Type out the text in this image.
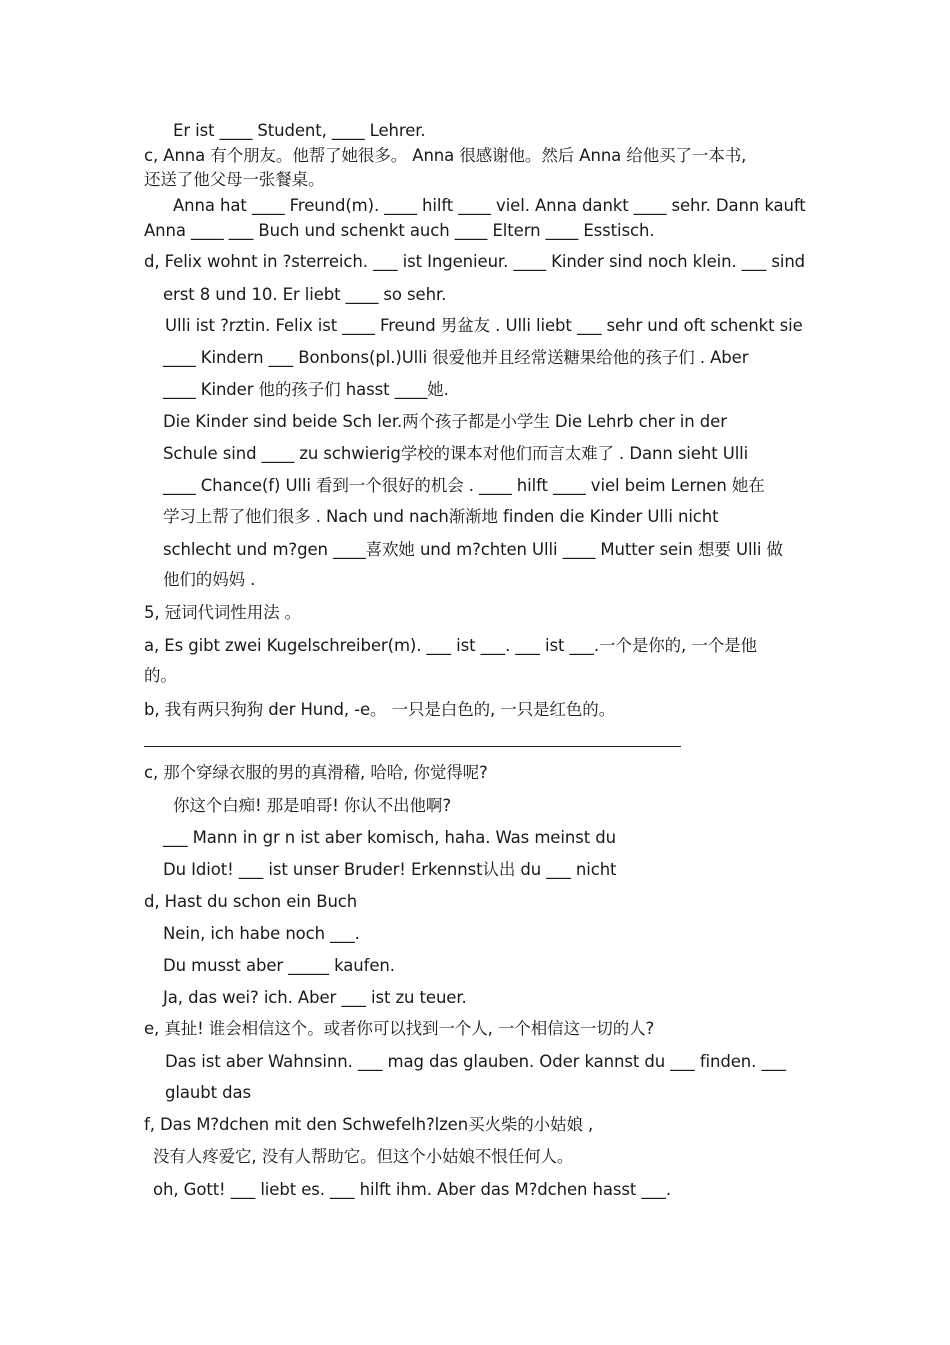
Er ist ____ Student, ____ Lehrer.
c, Anna 有个朋友。他帮了她很多。 Anna 很感谢他。然后 Anna 给他买了一本书,
还送了他父母一张餐桌。
Anna hat ____ Freund(m). ____ hilft ____ viel. Anna dankt ____ sehr. Dann kauft
Anna ____ ___ Buch und schenkt auch ____ Eltern ____ Esstisch.
d, Felix wohnt in ?sterreich. ___ ist Ingenieur. ____ Kinder sind noch klein. ___ sind
erst 8 und 10. Er liebt ____ so sehr.
Ulli ist ?rztin. Felix ist ____ Freund 男盆友 . Ulli liebt ___ sehr und oft schenkt sie
____ Kindern ___ Bonbons(pl.)Ulli 很爱他并且经常送糖果给他的孩子们 . Aber
____ Kinder 他的孩子们 hasst ____她.
Die Kinder sind beide Sch ler.两个孩子都是小学生 Die Lehrb cher in der
Schule sind ____ zu schwierig学校的课本对他们而言太难了 . Dann sieht Ulli
____ Chance(f) Ulli 看到一个很好的机会 . ____ hilft ____ viel beim Lernen 她在
学习上帮了他们很多 . Nach und nach渐渐地 finden die Kinder Ulli nicht
schlecht und m?gen ____喜欢她 und m?chten Ulli ____ Mutter sein 想要 Ulli 做
他们的妈妈 .
5, 冠词代词性用法 。
a, Es gibt zwei Kugelschreiber(m). ___ ist ___. ___ ist ___.一个是你的, 一个是他
的。
b, 我有两只狗狗 der Hund, -e。 一只是白色的, 一只是红色的。
c, 那个穿绿衣服的男的真滑稽, 哈哈, 你觉得呢?
你这个白痴! 那是咱哥! 你认不出他啊?
___ Mann in gr n ist aber komisch, haha. Was meinst du
Du Idiot! ___ ist unser Bruder! Erkennst认出 du ___ nicht
d, Hast du schon ein Buch
Nein, ich habe noch ___.
Du musst aber _____ kaufen.
Ja, das wei? ich. Aber ___ ist zu teuer.
e, 真扯! 谁会相信这个。或者你可以找到一个人, 一个相信这一切的人?
Das ist aber Wahnsinn. ___ mag das glauben. Oder kannst du ___ finden. ___
glaubt das
f, Das M?dchen mit den Schwefelh?lzen买火柴的小姑娘 ,
没有人疼爱它, 没有人帮助它。但这个小姑娘不恨任何人。
oh, Gott! ___ liebt es. ___ hilft ihm. Aber das M?dchen hasst ___.
